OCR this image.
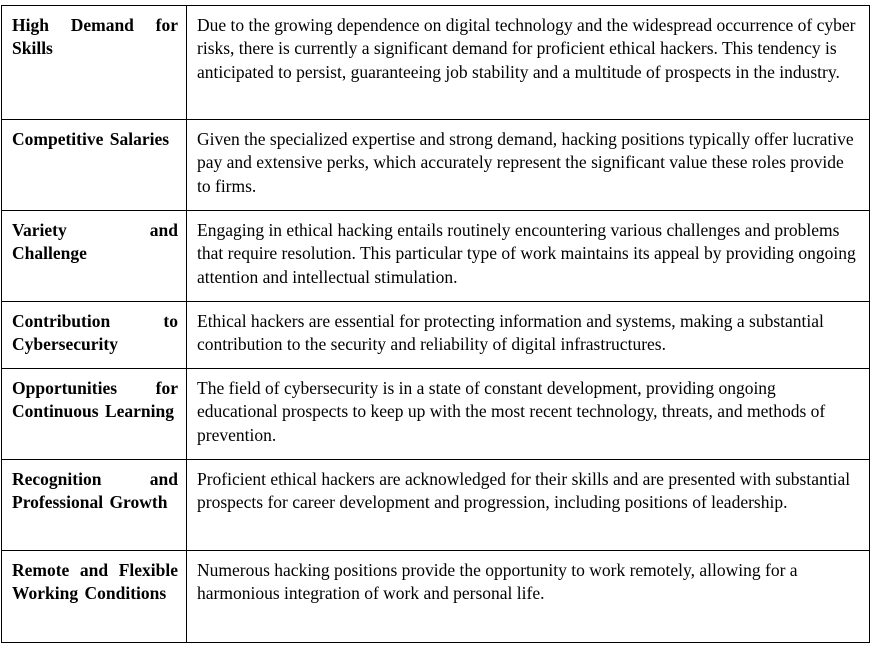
High Demand for Skills	Due to the growing dependence on digital technology and the widespread occurrence of cyber risks, there is currently a significant demand for proficient ethical hackers. This tendency is anticipated to persist, guaranteeing job stability and a multitude of prospects in the industry.
Competitive Salaries	Given the specialized expertise and strong demand, hacking positions typically offer lucrative pay and extensive perks, which accurately represent the significant value these roles provide to firms.
Variety and Challenge	Engaging in ethical hacking entails routinely encountering various challenges and problems that require resolution. This particular type of work maintains its appeal by providing ongoing attention and intellectual stimulation.
Contribution to Cybersecurity	Ethical hackers are essential for protecting information and systems, making a substantial contribution to the security and reliability of digital infrastructures.
Opportunities for Continuous Learning	The field of cybersecurity is in a state of constant development, providing ongoing educational prospects to keep up with the most recent technology, threats, and methods of prevention.
Recognition and Professional Growth	Proficient ethical hackers are acknowledged for their skills and are presented with substantial prospects for career development and progression, including positions of leadership.
Remote and Flexible Working Conditions	Numerous hacking positions provide the opportunity to work remotely, allowing for a harmonious integration of work and personal life.
